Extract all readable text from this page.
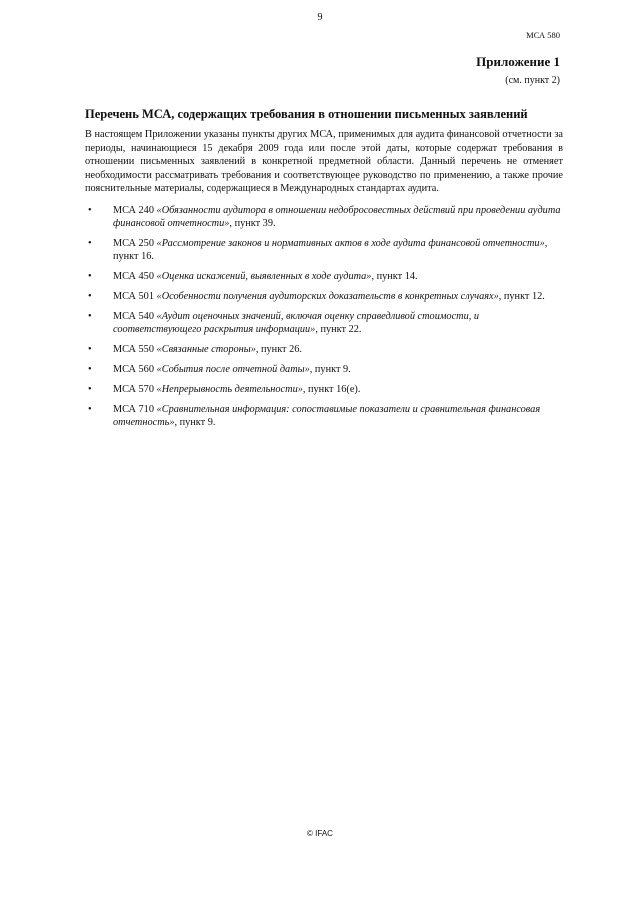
9
МСА 580
Приложение 1
(см. пункт 2)
Перечень МСА, содержащих требования в отношении письменных заявлений

В настоящем Приложении указаны пункты других МСА, применимых для аудита финансовой отчетности за периоды, начинающиеся 15 декабря 2009 года или после этой даты, которые содержат требования в отношении письменных заявлений в конкретной предметной области. Данный перечень не отменяет необходимости рассматривать требования и соответствующее руководство по применению, а также прочие пояснительные материалы, содержащиеся в Международных стандартах аудита.

• МСА 240 «Обязанности аудитора в отношении недобросовестных действий при проведении аудита финансовой отчетности», пункт 39.
• МСА 250 «Рассмотрение законов и нормативных актов в ходе аудита финансовой отчетности», пункт 16.
• МСА 450 «Оценка искажений, выявленных в ходе аудита», пункт 14.
• МСА 501 «Особенности получения аудиторских доказательств в конкретных случаях», пункт 12.
• МСА 540 «Аудит оценочных значений, включая оценку справедливой стоимости, и соответствующего раскрытия информации», пункт 22.
• МСА 550 «Связанные стороны», пункт 26.
• МСА 560 «События после отчетной даты», пункт 9.
• МСА 570 «Непрерывность деятельности», пункт 16(е).
• МСА 710 «Сравнительная информация: сопоставимые показатели и сравнительная финансовая отчетность», пункт 9.
© IFAC
